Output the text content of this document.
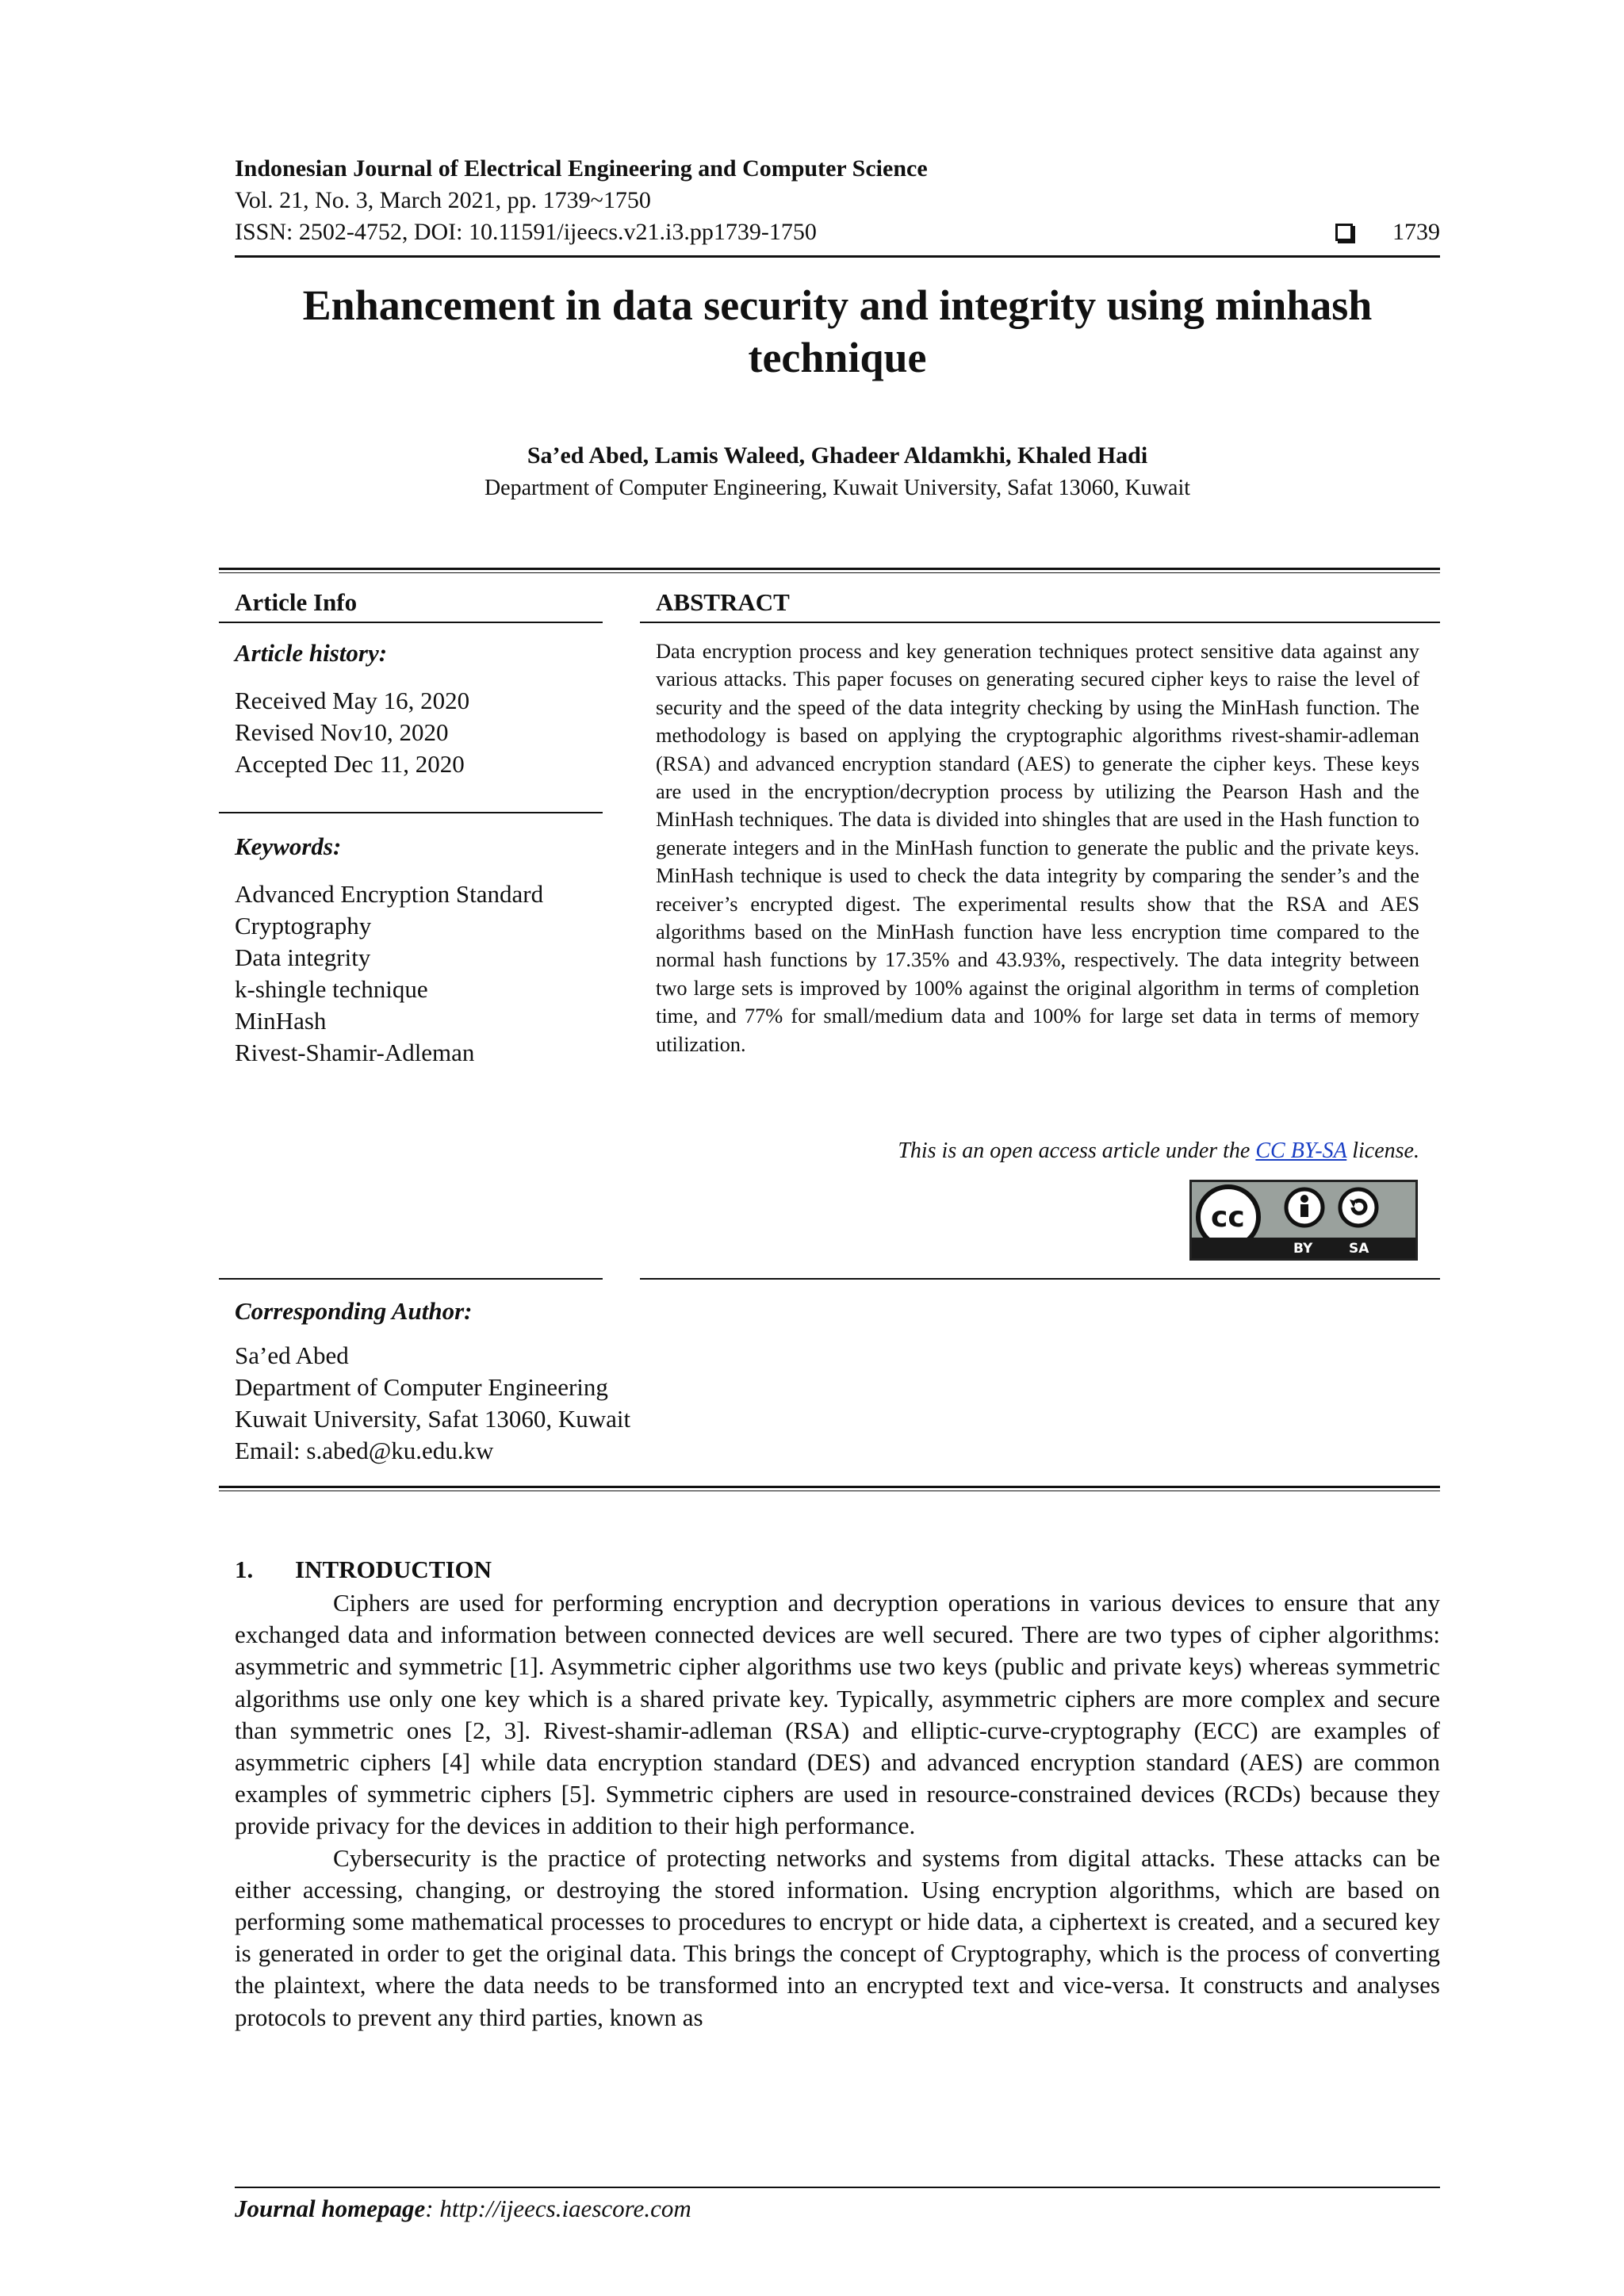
Indonesian Journal of Electrical Engineering and Computer Science
Vol. 21, No. 3, March 2021, pp. 1739~1750
ISSN: 2502-4752, DOI: 10.11591/ijeecs.v21.i3.pp1739-1750	1739
Enhancement in data security and integrity using minhash technique
Sa’ed Abed, Lamis Waleed, Ghadeer Aldamkhi, Khaled Hadi
Department of Computer Engineering, Kuwait University, Safat 13060, Kuwait
Article Info
Article history:
Received May 16, 2020
Revised Nov10, 2020
Accepted Dec 11, 2020
Keywords:
Advanced Encryption Standard
Cryptography
Data integrity
k-shingle technique
MinHash
Rivest-Shamir-Adleman
ABSTRACT
Data encryption process and key generation techniques protect sensitive data against any various attacks. This paper focuses on generating secured cipher keys to raise the level of security and the speed of the data integrity checking by using the MinHash function. The methodology is based on applying the cryptographic algorithms rivest-shamir-adleman (RSA) and advanced encryption standard (AES) to generate the cipher keys. These keys are used in the encryption/decryption process by utilizing the Pearson Hash and the MinHash techniques. The data is divided into shingles that are used in the Hash function to generate integers and in the MinHash function to generate the public and the private keys. MinHash technique is used to check the data integrity by comparing the sender’s and the receiver’s encrypted digest. The experimental results show that the RSA and AES algorithms based on the MinHash function have less encryption time compared to the normal hash functions by 17.35% and 43.93%, respectively. The data integrity between two large sets is improved by 100% against the original algorithm in terms of completion time, and 77% for small/medium data and 100% for large set data in terms of memory utilization.
This is an open access article under the CC BY-SA license.
cc
BY	SA
Corresponding Author:
Sa’ed Abed
Department of Computer Engineering
Kuwait University, Safat 13060, Kuwait
Email: s.abed@ku.edu.kw
1. INTRODUCTION

Ciphers are used for performing encryption and decryption operations in various devices to ensure that any exchanged data and information between connected devices are well secured. There are two types of cipher algorithms: asymmetric and symmetric [1]. Asymmetric cipher algorithms use two keys (public and private keys) whereas symmetric algorithms use only one key which is a shared private key. Typically, asymmetric ciphers are more complex and secure than symmetric ones [2, 3]. Rivest-shamir-adleman (RSA) and elliptic-curve-cryptography (ECC) are examples of asymmetric ciphers [4] while data encryption standard (DES) and advanced encryption standard (AES) are common examples of symmetric ciphers [5]. Symmetric ciphers are used in resource-constrained devices (RCDs) because they provide privacy for the devices in addition to their high performance.

Cybersecurity is the practice of protecting networks and systems from digital attacks. These attacks can be either accessing, changing, or destroying the stored information. Using encryption algorithms, which are based on performing some mathematical processes to procedures to encrypt or hide data, a ciphertext is created, and a secured key is generated in order to get the original data. This brings the concept of Cryptography, which is the process of converting the plaintext, where the data needs to be transformed into an encrypted text and vice-versa. It constructs and analyses protocols to prevent any third parties, known as

Journal homepage: http://ijeecs.iaescore.com
